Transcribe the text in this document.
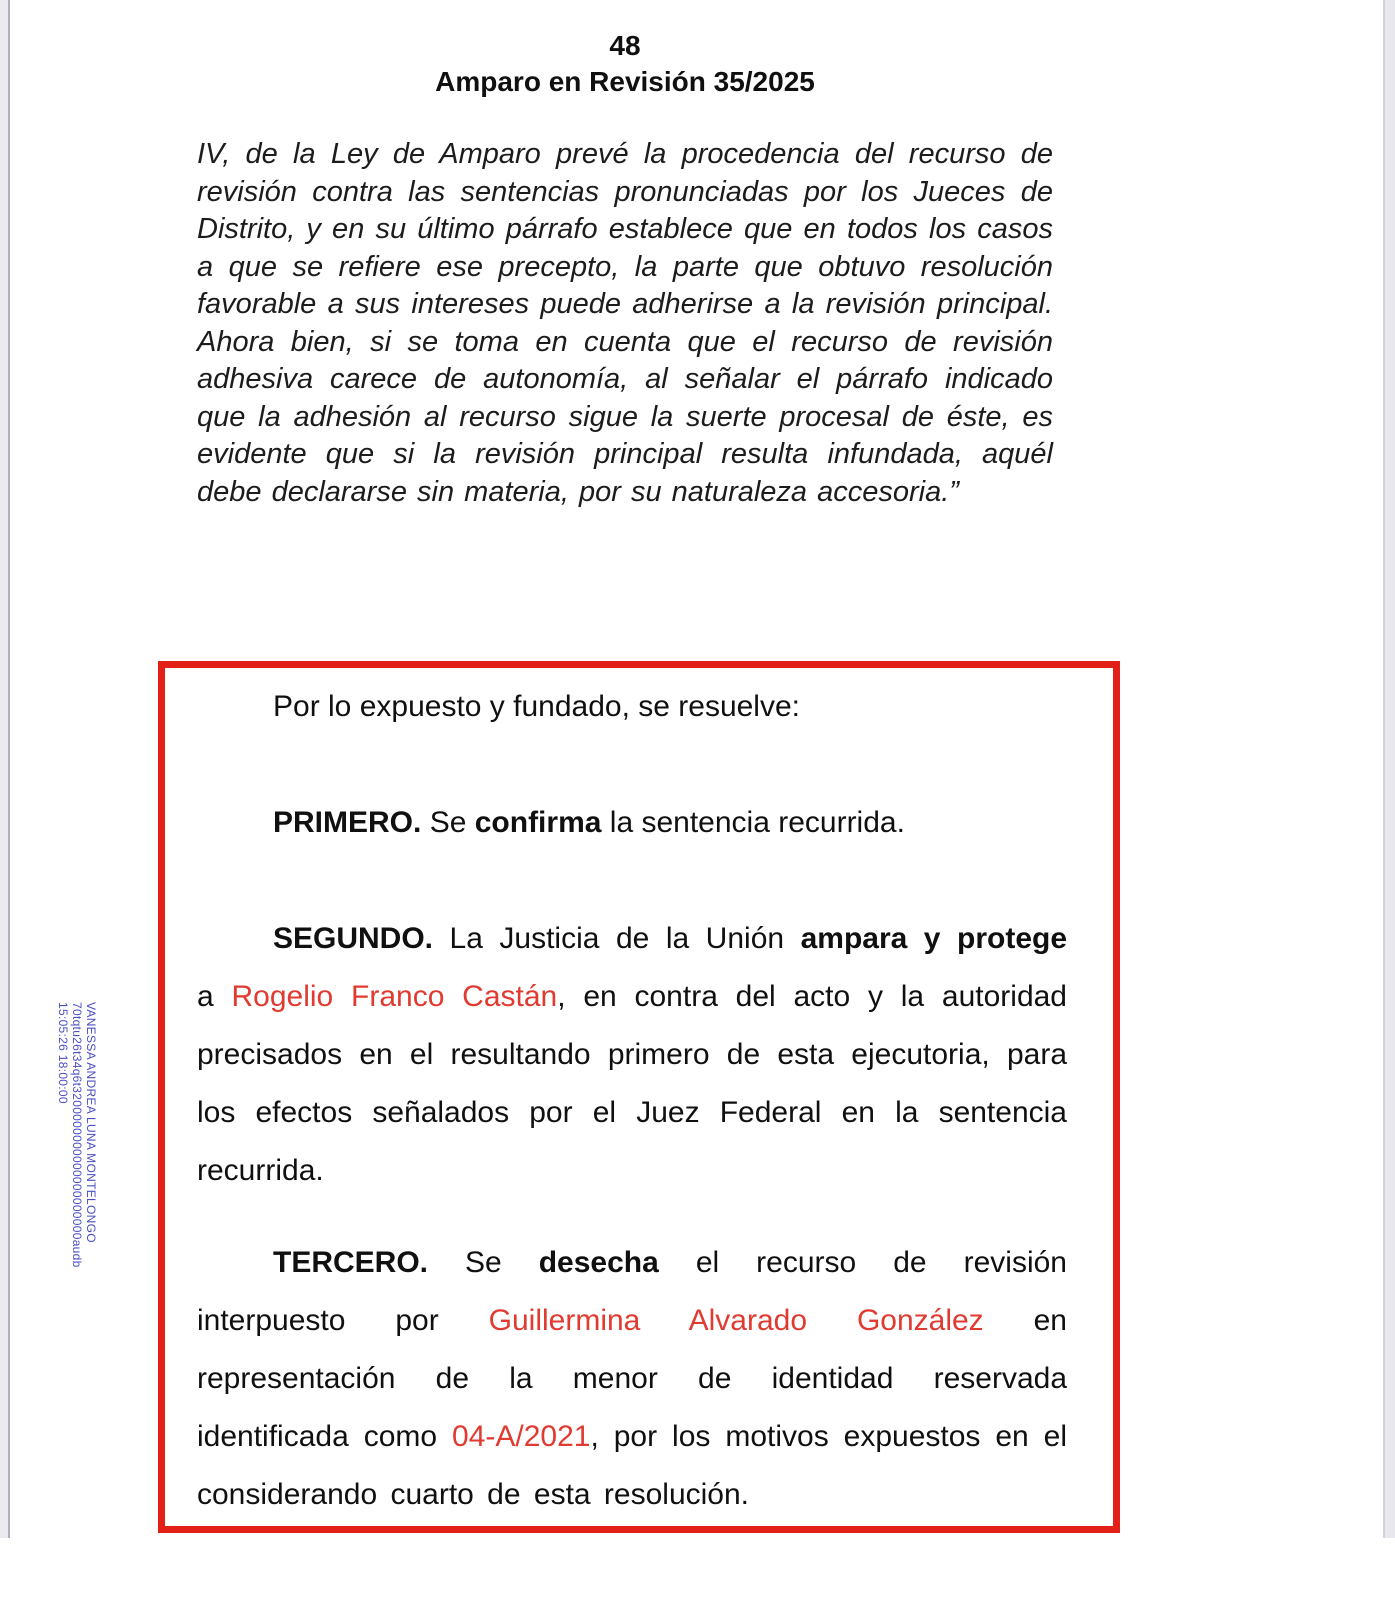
48
Amparo en Revisión 35/2025

IV, de la Ley de Amparo prevé la procedencia del recurso de revisión contra las sentencias pronunciadas por los Jueces de Distrito, y en su último párrafo establece que en todos los casos a que se refiere ese precepto, la parte que obtuvo resolución favorable a sus intereses puede adherirse a la revisión principal. Ahora bien, si se toma en cuenta que el recurso de revisión adhesiva carece de autonomía, al señalar el párrafo indicado que la adhesión al recurso sigue la suerte procesal de éste, es evidente que si la revisión principal resulta infundada, aquél debe declararse sin materia, por su naturaleza accesoria.”

Por lo expuesto y fundado, se resuelve:

PRIMERO. Se confirma la sentencia recurrida.

SEGUNDO. La Justicia de la Unión ampara y protege a Rogelio Franco Castán, en contra del acto y la autoridad precisados en el resultando primero de esta ejecutoria, para los efectos señalados por el Juez Federal en la sentencia recurrida.

TERCERO. Se desecha el recurso de revisión interpuesto por Guillermina Alvarado González en representación de la menor de identidad reservada identificada como 04-A/2021, por los motivos expuestos en el considerando cuarto de esta resolución.

VANESSA ANDREA LUNA MONTELONGO
70tqtu26t34q6t3200000000000000000000audb
15:05:26 18:00:00
